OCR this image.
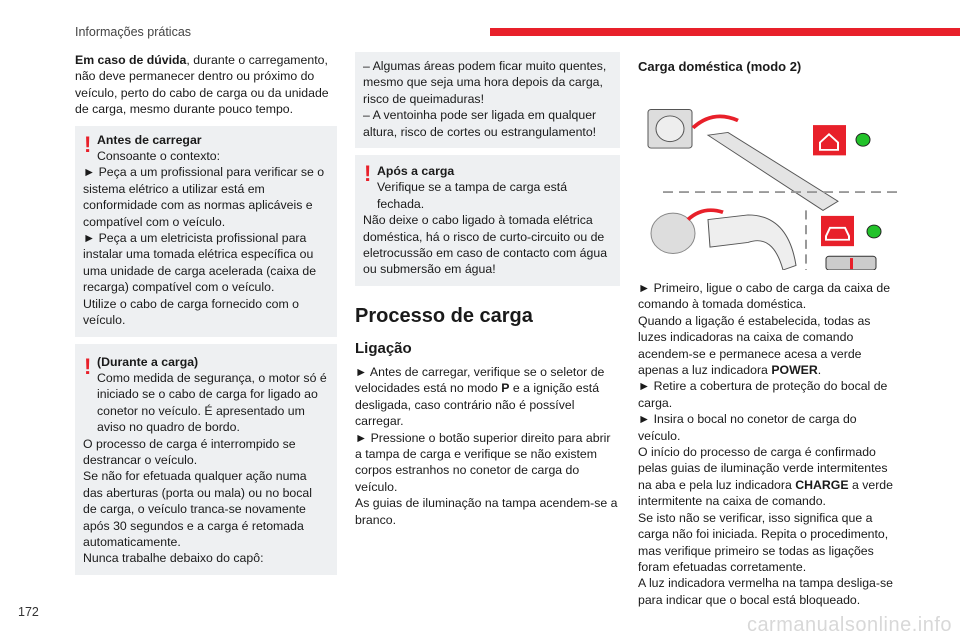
Informações práticas
172
carmanualsonline.info

Em caso de dúvida, durante o carregamento, não deve permanecer dentro ou próximo do veículo, perto do cabo de carga ou da unidade de carga, mesmo durante pouco tempo.

! Antes de carregar
Consoante o contexto:

► Peça a um profissional para verificar se o sistema elétrico a utilizar está em conformidade com as normas aplicáveis e compatível com o veículo.

► Peça a um eletricista profissional para instalar uma tomada elétrica específica ou uma unidade de carga acelerada (caixa de recarga) compatível com o veículo.

Utilize o cabo de carga fornecido com o veículo.

! (Durante a carga)
Como medida de segurança, o motor só é iniciado se o cabo de carga for ligado ao conetor no veículo. É apresentado um aviso no quadro de bordo.

O processo de carga é interrompido se destrancar o veículo.

Se não for efetuada qualquer ação numa das aberturas (porta ou mala) ou no bocal de carga, o veículo tranca-se novamente após 30 segundos e a carga é retomada automaticamente.

Nunca trabalhe debaixo do capô:

– Algumas áreas podem ficar muito quentes, mesmo que seja uma hora depois da carga, risco de queimaduras!

– A ventoinha pode ser ligada em qualquer altura, risco de cortes ou estrangulamento!

! Após a carga
Verifique se a tampa de carga está fechada.

Não deixe o cabo ligado à tomada elétrica doméstica, há o risco de curto-circuito ou de eletrocussão em caso de contacto com água ou submersão em água!

Processo de carga
Ligação

► Antes de carregar, verifique se o seletor de velocidades está no modo P e a ignição está desligada, caso contrário não é possível carregar.

► Pressione o botão superior direito para abrir a tampa de carga e verifique se não existem corpos estranhos no conetor de carga do veículo.

As guias de iluminação na tampa acendem-se a branco.

Carga doméstica (modo 2)

► Primeiro, ligue o cabo de carga da caixa de comando à tomada doméstica.

Quando a ligação é estabelecida, todas as luzes indicadoras na caixa de comando acendem-se e permanece acesa a verde apenas a luz indicadora POWER.

► Retire a cobertura de proteção do bocal de carga.

► Insira o bocal no conetor de carga do veículo.

O início do processo de carga é confirmado pelas guias de iluminação verde intermitentes na aba e pela luz indicadora CHARGE a verde intermitente na caixa de comando.

Se isto não se verificar, isso significa que a carga não foi iniciada. Repita o procedimento, mas verifique primeiro se todas as ligações foram efetuadas corretamente.

A luz indicadora vermelha na tampa desliga-se para indicar que o bocal está bloqueado.
